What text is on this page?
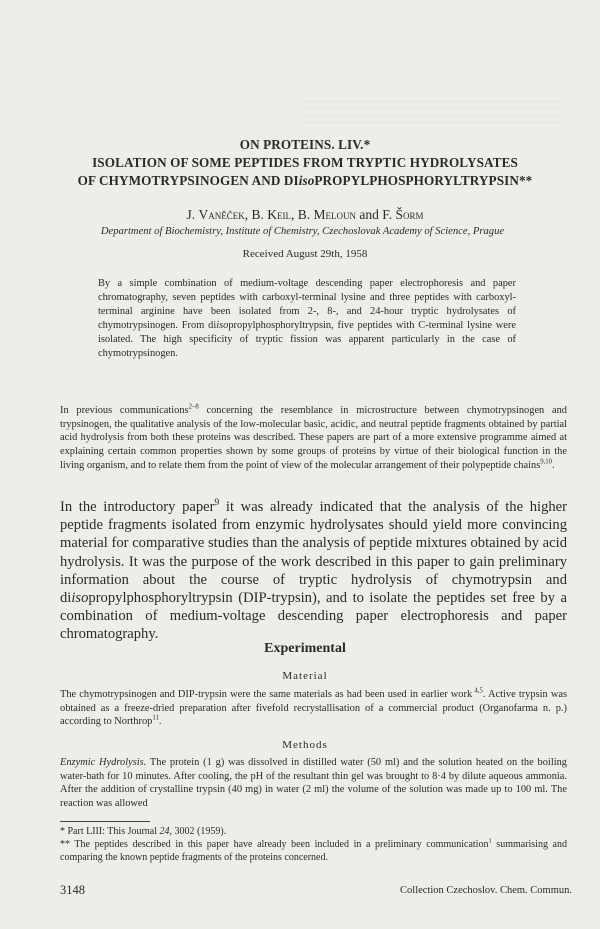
ON PROTEINS. LIV.*
ISOLATION OF SOME PEPTIDES FROM TRYPTIC HYDROLYSATES
OF CHYMOTRYPSINOGEN AND DIisoPROPYLPHOSPHORYLTRYPSIN**
J. Vaněček, B. Keil, B. Meloun and F. Šorm
Department of Biochemistry, Institute of Chemistry, Czechoslovak Academy of Science, Prague
Received August 29th, 1958

By a simple combination of medium-voltage descending paper electrophoresis and paper chromatography, seven peptides with carboxyl-terminal lysine and three peptides with carboxyl-terminal arginine have been isolated from 2-, 8-, and 24-hour tryptic hydrolysates of chymotrypsinogen. From diisopropylphosphoryltrypsin, five peptides with C-terminal lysine were isolated. The high specificity of tryptic fission was apparent particularly in the case of chymotrypsinogen.

In previous communications$^{2-8}$ concerning the resemblance in microstructure between chymotrypsinogen and trypsinogen, the qualitative analysis of the low-molecular basic, acidic, and neutral peptide fragments obtained by partial acid hydrolysis from both these proteins was described. These papers are part of a more extensive programme aimed at explaining certain common properties shown by some groups of proteins by virtue of their biological function in the living organism, and to relate them from the point of view of the molecular arrangement of their polypeptide chains$^{9,10}$.

In the introductory paper$^9$ it was already indicated that the analysis of the higher peptide fragments isolated from enzymic hydrolysates should yield more convincing material for comparative studies than the analysis of peptide mixtures obtained by acid hydrolysis. It was the purpose of the work described in this paper to gain preliminary information about the course of tryptic hydrolysis of chymotrypsin and diisopropylphosphoryltrypsin (DIP-trypsin), and to isolate the peptides set free by a combination of medium-voltage descending paper electrophoresis and paper chromatography.

Experimental
Material

The chymotrypsinogen and DIP-trypsin were the same materials as had been used in earlier work $^{4,5}$. Active trypsin was obtained as a freeze-dried preparation after fivefold recrystallisation of a commercial product (Organofarma n. p.) according to Northrop$^{11}$.

Methods

Enzymic Hydrolysis. The protein (1 g) was dissolved in distilled water (50 ml) and the solution heated on the boiling water-bath for 10 minutes. After cooling, the pH of the resultant thin gel was brought to 8·4 by dilute aqueous ammonia. After the addition of crystalline trypsin (40 mg) in water (2 ml) the volume of the solution was made up to 100 ml. The reaction was allowed

* Part LIII: This Journal 24, 3002 (1959).

** The peptides described in this paper have already been included in a preliminary communication$^1$ summarising and comparing the known peptide fragments of the proteins concerned.

3148	Collection Czechoslov. Chem. Commun.
